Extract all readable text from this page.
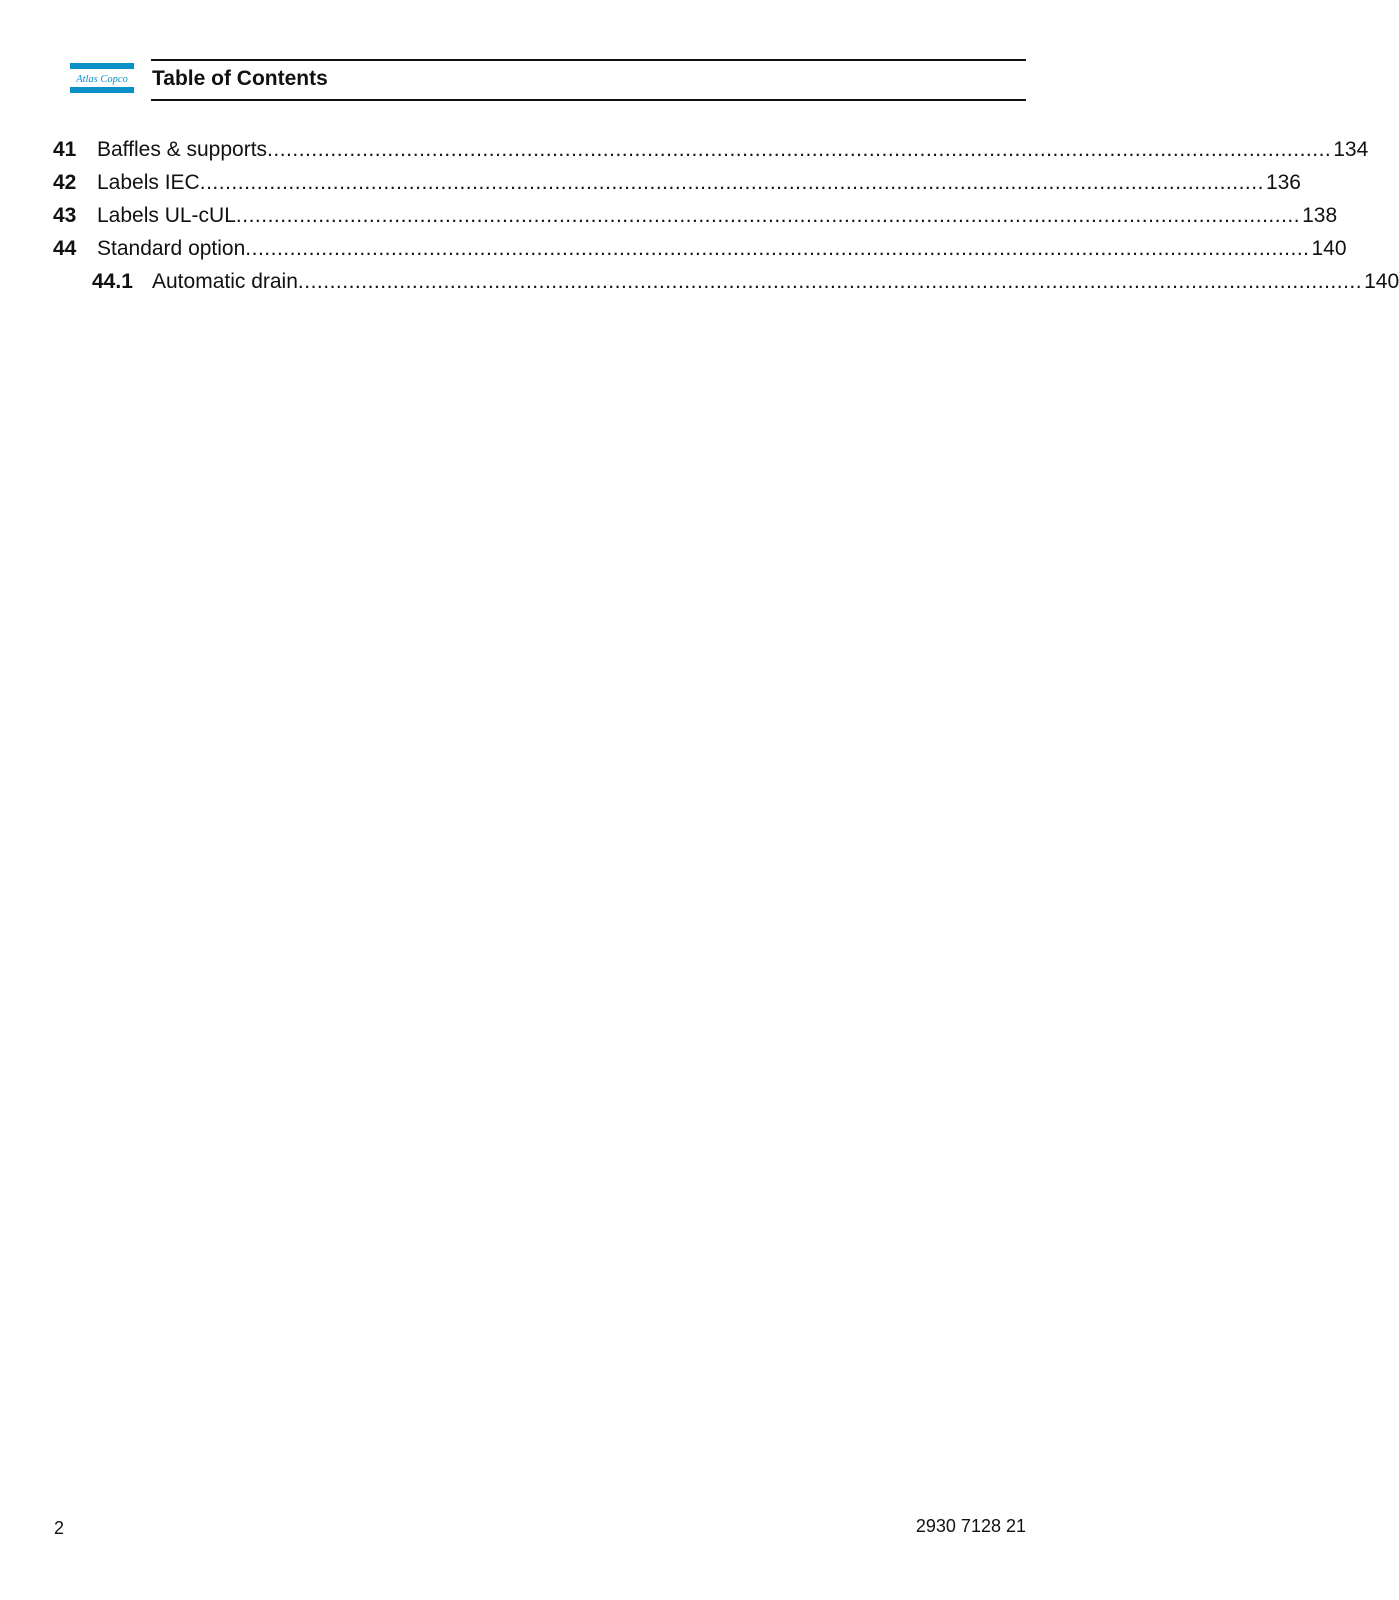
Atlas Copco Table of Contents
41 Baffles & supports ........................................................................................................................................................................ 134
42 Labels IEC ........................................................................................................................................................................ 136
43 Labels UL-cUL ........................................................................................................................................................................ 138
44 Standard option ........................................................................................................................................................................ 140
44.1 Automatic drain ........................................................................................................................................................................ 140
2	2930 7128 21
